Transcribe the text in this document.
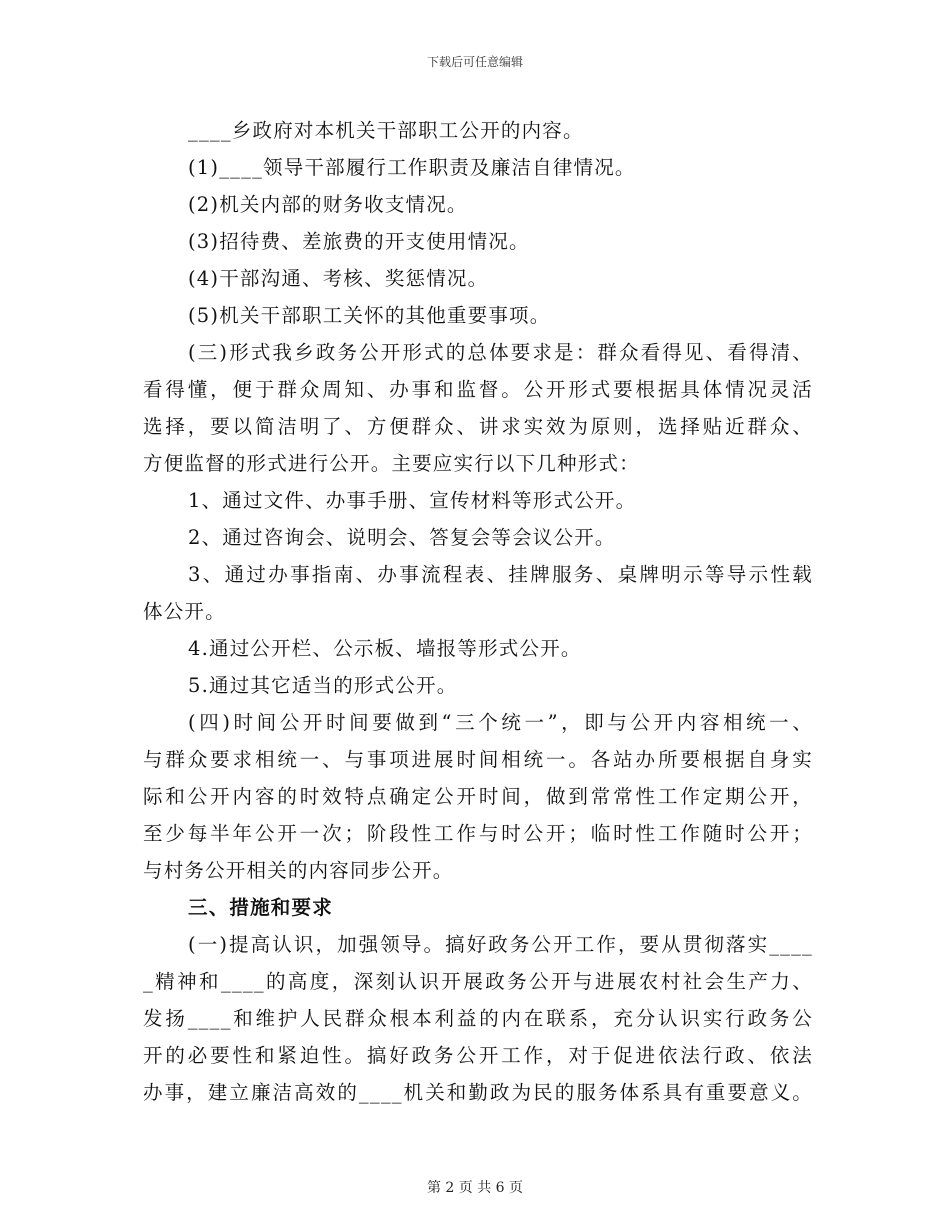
下载后可任意编辑
____乡政府对本机关干部职工公开的内容。
(1)____领导干部履行工作职责及廉洁自律情况。
(2)机关内部的财务收支情况。
(3)招待费、差旅费的开支使用情况。
(4)干部沟通、考核、奖惩情况。
(5)机关干部职工关怀的其他重要事项。
(三)形式我乡政务公开形式的总体要求是：群众看得见、看得清、
看得懂，便于群众周知、办事和监督。公开形式要根据具体情况灵活
选择，要以简洁明了、方便群众、讲求实效为原则，选择贴近群众、
方便监督的形式进行公开。主要应实行以下几种形式：
1、通过文件、办事手册、宣传材料等形式公开。
2、通过咨询会、说明会、答复会等会议公开。
3、通过办事指南、办事流程表、挂牌服务、桌牌明示等导示性载
体公开。
4.通过公开栏、公示板、墙报等形式公开。
5.通过其它适当的形式公开。
(四)时间公开时间要做到“三个统一”，即与公开内容相统一、
与群众要求相统一、与事项进展时间相统一。各站办所要根据自身实
际和公开内容的时效特点确定公开时间，做到常常性工作定期公开，
至少每半年公开一次；阶段性工作与时公开；临时性工作随时公开；
与村务公开相关的内容同步公开。
三、措施和要求
(一)提高认识，加强领导。搞好政务公开工作，要从贯彻落实____
_精神和____的高度，深刻认识开展政务公开与进展农村社会生产力、
发扬____和维护人民群众根本利益的内在联系，充分认识实行政务公
开的必要性和紧迫性。搞好政务公开工作，对于促进依法行政、依法
办事，建立廉洁高效的____机关和勤政为民的服务体系具有重要意义。
第 2 页 共 6 页
